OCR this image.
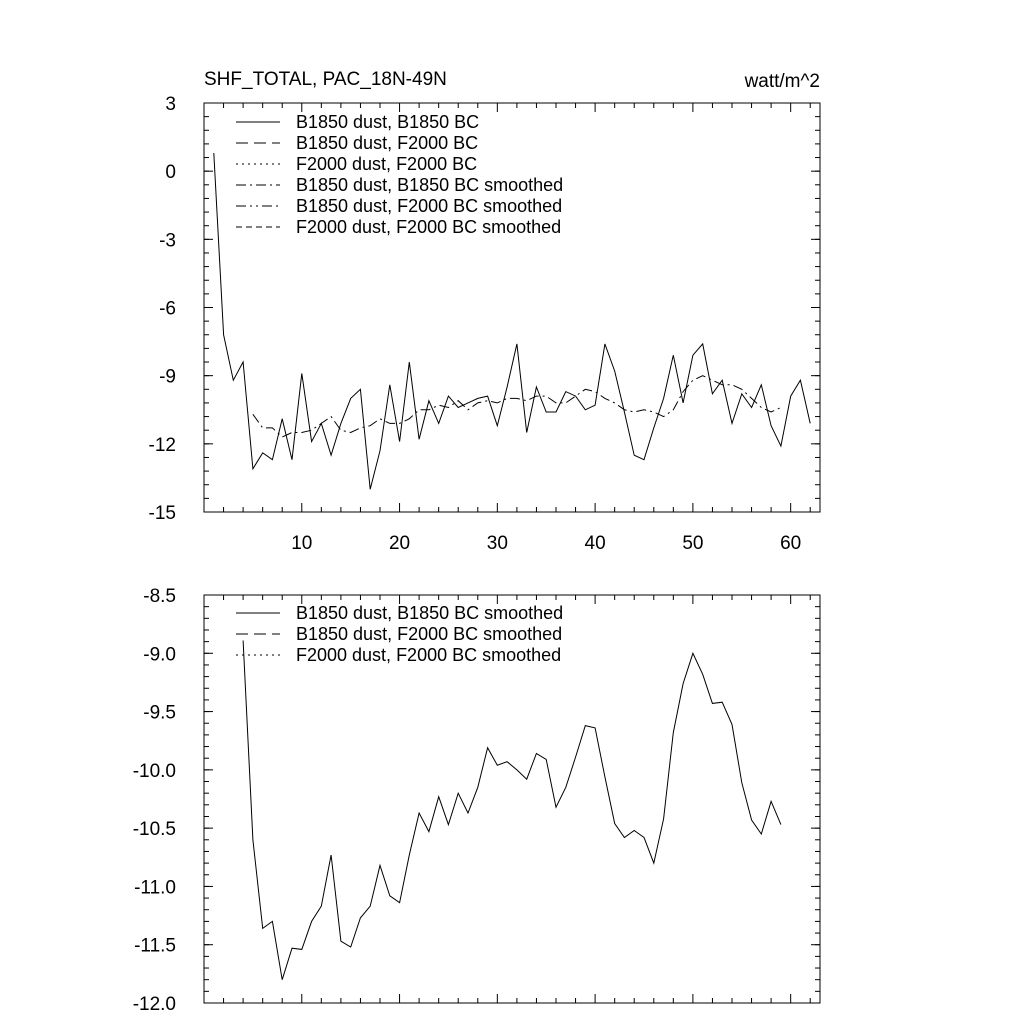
SHF_TOTAL, PAC_18N-49N	watt/m^2
3
0
-3
-6
-9
-12
-15
10	20	30	40	50	60
B1850 dust, B1850 BC
B1850 dust, F2000 BC
F2000 dust, F2000 BC
B1850 dust, B1850 BC smoothed
B1850 dust, F2000 BC smoothed
F2000 dust, F2000 BC smoothed
-8.5
-9.0
-9.5
-10.0
-10.5
-11.0
-11.5
-12.0
B1850 dust, B1850 BC smoothed
B1850 dust, F2000 BC smoothed
F2000 dust, F2000 BC smoothed
